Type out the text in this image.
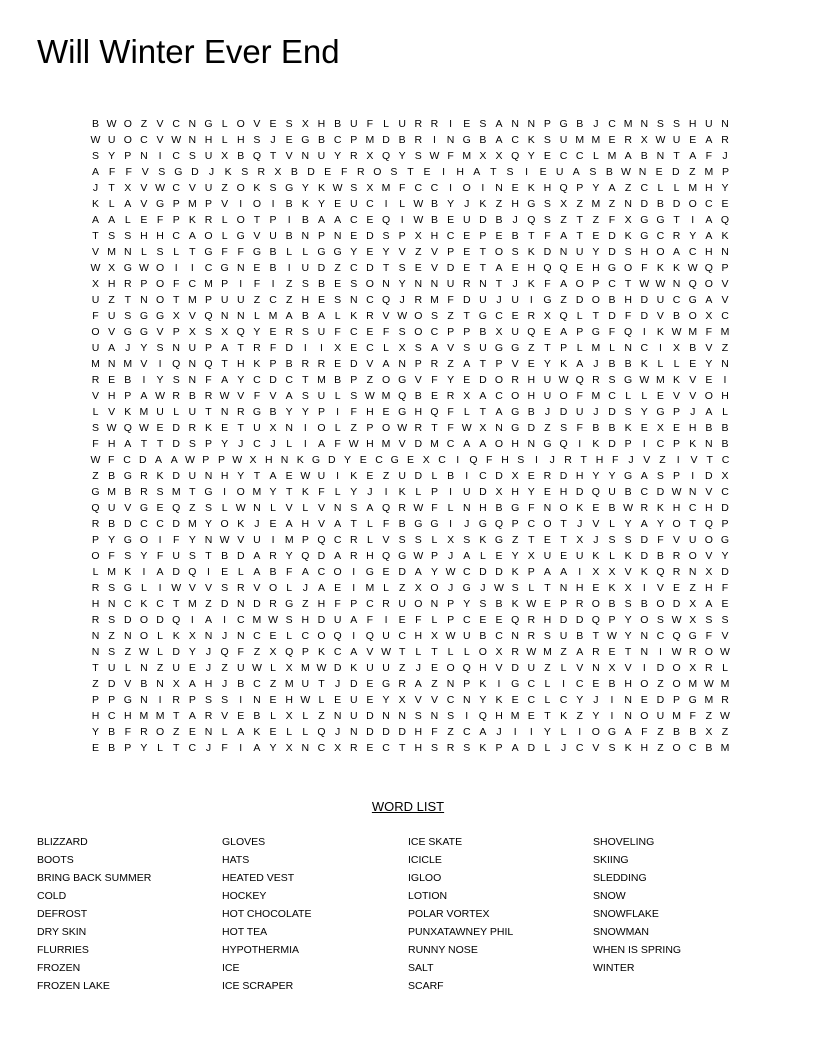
Will Winter Ever End
B W O Z V C N G L O V E S X H B U F L U R R	I	E S A N N P G B J C M N S S H U N
W U O C V W N H L H S J E G B C P M D B R	I	N G B A C K S U M M E R X W U E A R
S Y P N	I	C S U X B Q T V N U Y R X Q Y S W F M X X Q Y E C C L M A B N T A F J
A F F V S G D J K S R X B D E F R O S T E	I	H A T S	I	E U A S B W N E D Z M P
J T X V W C V U Z O K S G Y K W S X M F C C	I	O	I	N E K H Q P Y A Z C L L M H Y
K L A V G P M P V	I	O	I	B K Y E U C	I	L W B Y J K Z H G S X Z M Z N D B D O C E
A A L E F P K R L O T P	I	B A A C E Q	I W B E U D B J Q S Z T Z F X G G T	I	A Q
T S S H H C A O L G V U B N P N E D S P X H C E P E B T F A T E D K G C R Y A K
V M N L S L T G F F G B L L G G Y E Y V Z V P E T O S K D N U Y D S H O A C H N
W X G W O	I	I	C G N E B	I	U D Z C D T S E V D E T A E H Q Q E H G O F K K W Q P
X H R P O F C M P	I	F	I	Z S B E S O N Y N N U R N T J K F A O P C T W W N Q O V
U Z T N O T M P U U Z C Z H E S N C Q J R M F D U J U	I	G Z D O B H D U C G A V
F U S G G X V Q N N L M A B A L K R V W O S Z T G C E R X Q L T D F D V B O X C
O V G G V P X S X Q Y E R S U F C E F S O C P P B X U Q E A P G F Q	I	K W M F M
U A J Y S N U P A T R F D	I	I	X E C L X S A V S U G G Z T P L M L N C	I	X B V Z
M N M V	I	Q N Q T H K P B R R E D V A N P R Z A T P V E Y K A J B B K L L E Y N
R E B	I	Y S N F A Y C D C T M B P Z O G V F Y E D O R H U W Q R S G W M K V E	I
V H P A W R B R W V F V A S U L S W M Q B E R X A C O H U O F M C L L E V V O H
L V K M U L U T N R G B Y Y P	I	F H E G H Q F L T A G B J D U J D S Y G P J A L
S W Q W E D R K E T U X N	I	O L Z P O W R T F W X N G D Z S F B B K E X E H B B
F H A T T D S P Y J C J	L	I	A F W H M V D M C A A O H N G Q	I	K D P	I	C P K N B
W F C D A A W P P W X H N K G D Y E C G E X C I Q F H S	I	J R T H F J V Z	I	V T C
Z B G R K D U N H Y T A E W U	I	K E Z U D L B	I	C D X E R D H Y Y G A S P	I	D X
G M B R S M T G	I	O M Y T K F L Y J	I	K L P	I	U D X H Y E H D Q U B C D W N V C
Q U V G E Q Z S L W N L V L V N S A Q R W F L N H B G F N O K E B W R K H C H D
R B D C C D M Y O K J E A H V A T L F B G G	I	J G Q P C O T J V L Y A Y O T Q P
P Y G O	I	F Y N W V U	I M P Q C R L V S S L X S K G Z T E T X J S S D F V U O G
O F S Y F U S T B D A R Y Q D A R H Q G W P J A L E Y X U E U K L K D B R O V Y
L M K	I	A D Q	I	E L A B F A C O	I	G E D A Y W C D D K P A A	I	X X V K Q R N X D
R S G L	I W V V S R V O L	J A E	I M L Z X O J G J W S L T N H E K X	I	V E Z H F
H N C K C T M Z D N D R G Z H F P C R U O N P Y S B K W E P R O B S B O D X A E
R S D O D Q	I	A	I	C M W S H D U A F	I	E F L P C E E Q R H D D Q P Y O S W X S S
N Z N O L K X N J N C E L C O Q	I	Q U C H X W U B C N R S U B T W Y N C Q G F V
N S Z W L D Y J Q F Z X Q P K C A V W T L T L L O X R W M Z A R E T N	I W R O W
T U L N Z U E J Z U W L X M W D K U U Z J E O Q H V D U Z L V N X V	I	D O X R L
Z D V B N X A H J B C Z M U T J D E G R A Z N P K	I	G C L	I	C E B H O Z O M W M
P P G N	I	R P S S	I	N E H W L E U E Y X V V C N Y K E C L C Y J	I	N E D P G M R
H C H M M T A R V E B L X L Z N U D N N S N S	I	Q H M E T K Z Y	I	N O U M F Z W
Y B F R O Z E N L A K E L L Q J N D D D H F Z C A J	I	I	Y L	I	O G A F Z B B X Z
E B P Y L T C J F	I	A Y X N C X R E C T H S R S K P A D L	J C V S K H Z O C B M
WORD LIST
BLIZZARD
BOOTS
BRING BACK SUMMER
COLD
DEFROST
DRY SKIN
FLURRIES
FROZEN
FROZEN LAKE
GLOVES
HATS
HEATED VEST
HOCKEY
HOT CHOCOLATE
HOT TEA
HYPOTHERMIA
ICE
ICE SCRAPER
ICE SKATE
ICICLE
IGLOO
LOTION
POLAR VORTEX
PUNXATAWNEY PHIL
RUNNY NOSE
SALT
SCARF
SHOVELING
SKIING
SLEDDING
SNOW
SNOWFLAKE
SNOWMAN
WHEN IS SPRING
WINTER
